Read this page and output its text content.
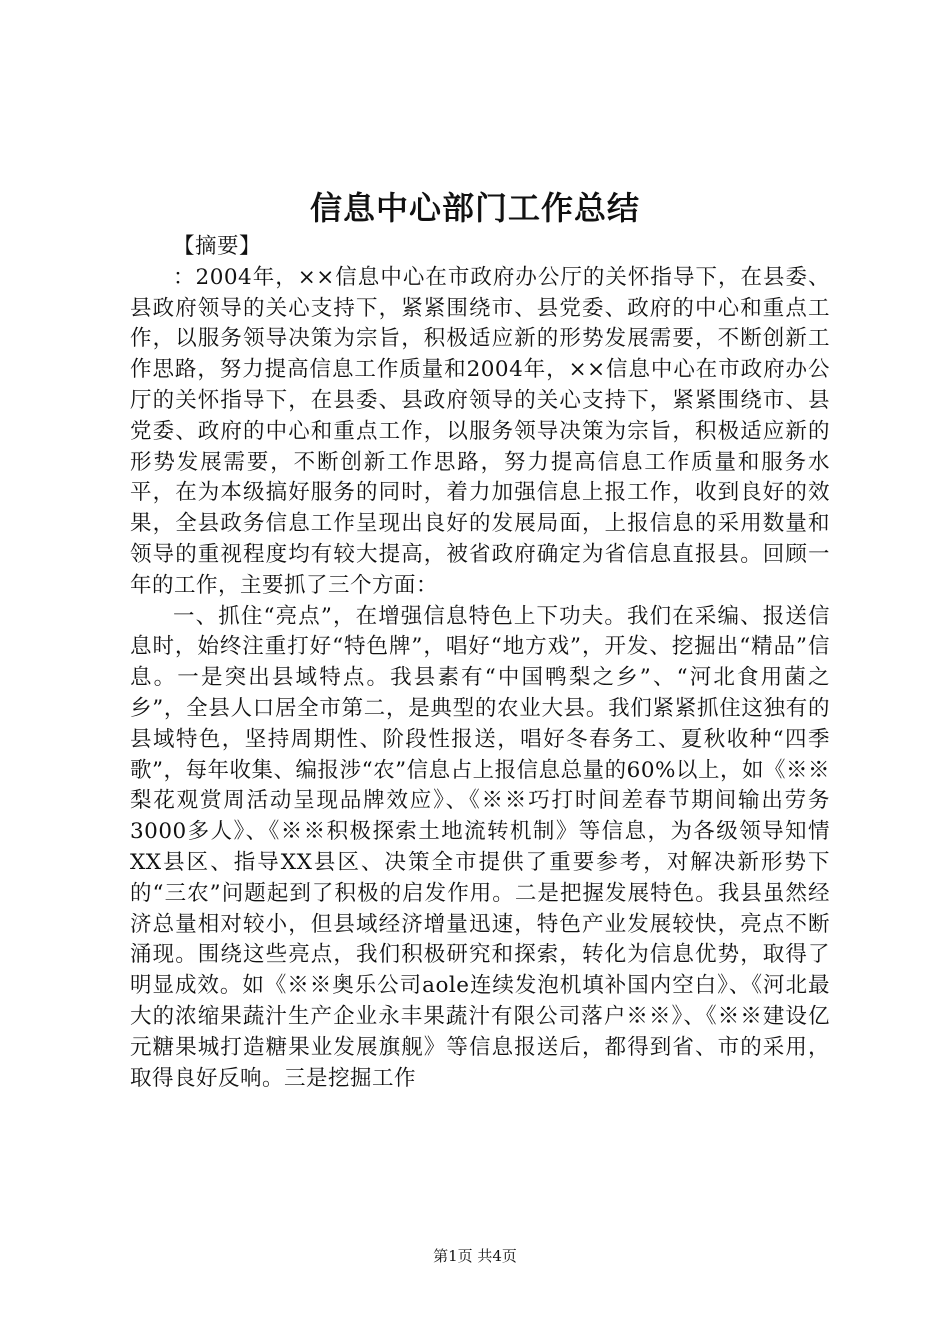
信息中心部门工作总结

【摘要】

：2004年，××信息中心在市政府办公厅的关怀指导下，在县委、县政府领导的关心支持下，紧紧围绕市、县党委、政府的中心和重点工作，以服务领导决策为宗旨，积极适应新的形势发展需要，不断创新工作思路，努力提高信息工作质量和2004年，××信息中心在市政府办公厅的关怀指导下，在县委、县政府领导的关心支持下，紧紧围绕市、县党委、政府的中心和重点工作，以服务领导决策为宗旨，积极适应新的形势发展需要，不断创新工作思路，努力提高信息工作质量和服务水平，在为本级搞好服务的同时，着力加强信息上报工作，收到良好的效果，全县政务信息工作呈现出良好的发展局面，上报信息的采用数量和领导的重视程度均有较大提高，被省政府确定为省信息直报县。回顾一年的工作，主要抓了三个方面：

一、抓住“亮点”，在增强信息特色上下功夫。我们在采编、报送信息时，始终注重打好“特色牌”，唱好“地方戏”，开发、挖掘出“精品”信息。一是突出县域特点。我县素有“中国鸭梨之乡”、“河北食用菌之乡”，全县人口居全市第二，是典型的农业大县。我们紧紧抓住这独有的县域特色，坚持周期性、阶段性报送，唱好冬春务工、夏秋收种“四季歌”，每年收集、编报涉“农”信息占上报信息总量的60%以上，如《※※梨花观赏周活动呈现品牌效应》、《※※巧打时间差春节期间输出劳务3000多人》、《※※积极探索土地流转机制》等信息，为各级领导知情XX县区、指导XX县区、决策全市提供了重要参考，对解决新形势下的“三农”问题起到了积极的启发作用。二是把握发展特色。我县虽然经济总量相对较小，但县域经济增量迅速，特色产业发展较快，亮点不断涌现。围绕这些亮点，我们积极研究和探索，转化为信息优势，取得了明显成效。如《※※奥乐公司aole连续发泡机填补国内空白》、《河北最大的浓缩果蔬汁生产企业永丰果蔬汁有限公司落户※※》、《※※建设亿元糖果城打造糖果业发展旗舰》等信息报送后，都得到省、市的采用，取得良好反响。三是挖掘工作

第1页 共4页
